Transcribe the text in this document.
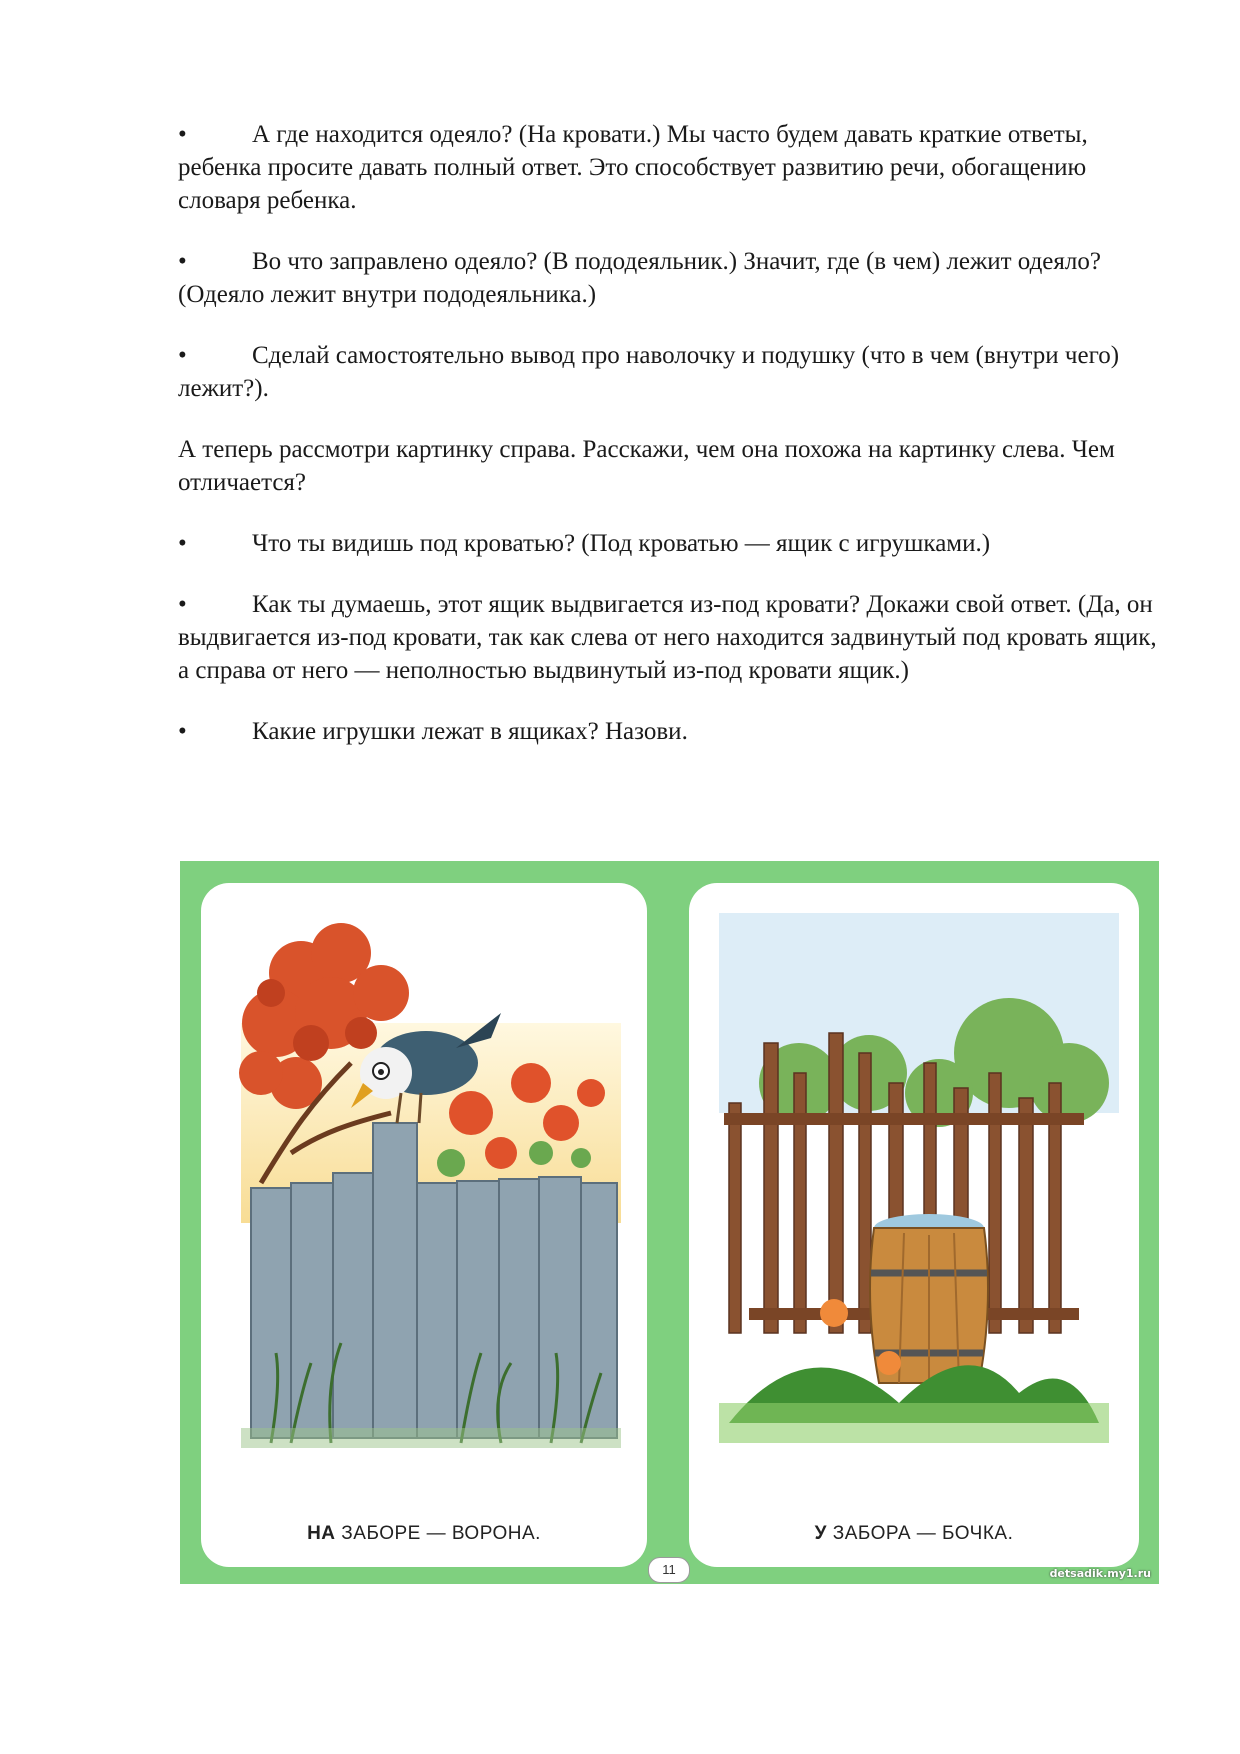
•	А где находится одеяло? (На кровати.) Мы часто будем давать краткие ответы, ребенка просите давать полный ответ. Это способствует развитию речи, обогащению словаря ребенка.

•	Во что заправлено одеяло? (В пододеяльник.) Значит, где (в чем) лежит одеяло? (Одеяло лежит внутри пододеяльника.)

•	Сделай самостоятельно вывод про наволочку и подушку (что в чем (внутри чего) лежит?).

А теперь рассмотри картинку справа. Расскажи, чем она похожа на картинку слева. Чем отличается?

•	Что ты видишь под кроватью? (Под кроватью — ящик с игрушками.)

•	Как ты думаешь, этот ящик выдвигается из-под кровати? Докажи свой ответ. (Да, он выдвигается из-под кровати, так как слева от него находится задвинутый под кровать ящик, а справа от него — неполностью выдвинутый из-под кровати ящик.)

•	Какие игрушки лежат в ящиках? Назови.

НА ЗАБОРЕ — ВОРОНА.	У ЗАБОРА — БОЧКА.
11	detsadik.my1.ru
